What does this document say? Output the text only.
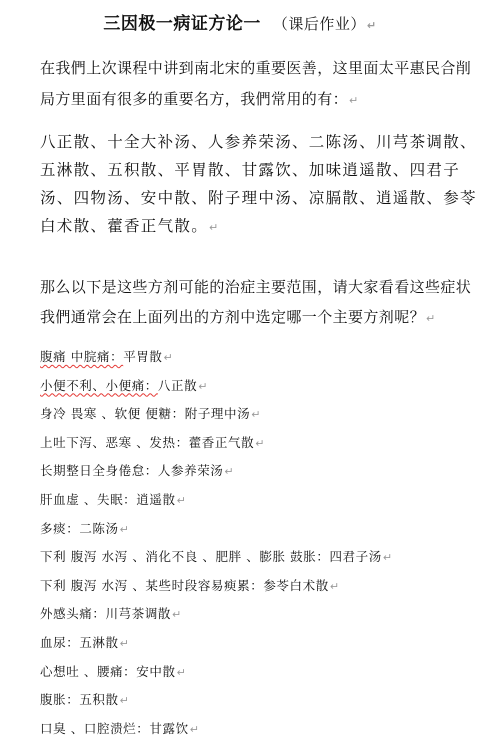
三因极一病证方论一 （课后作业）↵
在我們上次课程中讲到南北宋的重要医善，这里面太平惠民合削局方里面有很多的重要名方，我們常用的有：↵
八正散、十全大补汤、人参养荣汤、二陈汤、川芎茶调散、五淋散、五积散、平胃散、甘露饮、加味逍遥散、四君子汤、四物汤、安中散、附子理中汤、凉膈散、逍遥散、参苓白术散、藿香正气散。↵
那么以下是这些方剂可能的治症主要范围，请大家看看这些症状我們通常会在上面列出的方剂中选定哪一个主要方剂呢？↵
腹痛 中脘痛：平胃散↵
小便不利、小便痛：八正散↵
身冷 畏寒 、软便 便糖：附子理中汤↵
上吐下泻、恶寒 、发热：藿香正气散↵
长期整日全身倦怠：人参养荣汤↵
肝血虚 、失眠：逍遥散↵
多痰：二陈汤↵
下利 腹泻 水泻 、消化不良 、肥胖 、膨胀 鼓胀：四君子汤↵
下利 腹泻 水泻 、某些时段容易瘐累：参苓白术散↵
外感头痛：川芎茶调散↵
血尿：五淋散↵
心想吐 、腰痛：安中散↵
腹胀：五积散↵
口臭 、口腔溃烂：甘露饮↵
